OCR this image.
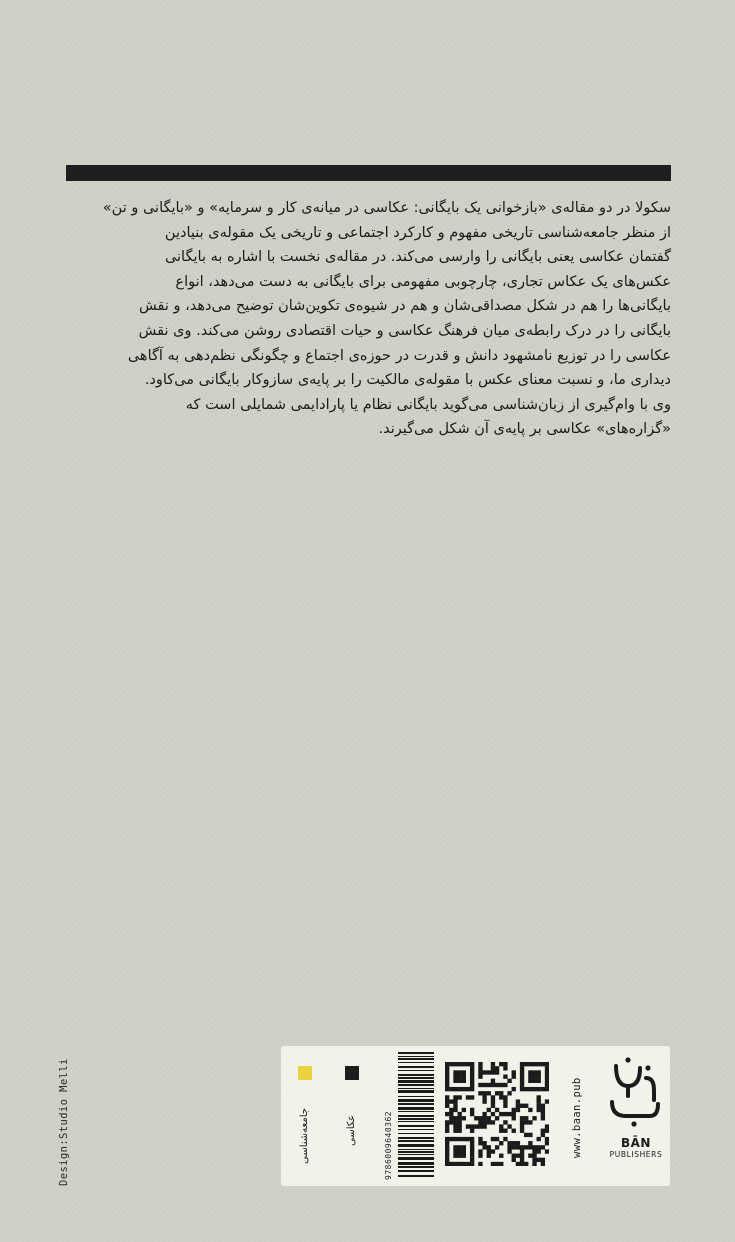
سکولا در دو مقاله‌ی «بازخوانی یک بایگانی: عکاسی در میانه‌ی کار و سرمایه» و «بایگانی و تن»
از منظر جامعه‌شناسی تاریخی مفهوم و کارکرد اجتماعی و تاریخی یک مقوله‌ی بنیادین
گفتمان عکاسی یعنی بایگانی را وارسی می‌کند. در مقاله‌ی نخست با اشاره به بایگانی
عکس‌های یک عکاس تجاری، چارچوبی مفهومی برای بایگانی به دست می‌دهد، انواع
بایگانی‌ها را هم در شکل مصداقی‌شان و هم در شیوه‌ی تکوین‌شان توضیح می‌دهد، و نقش
بایگانی را در درک رابطه‌ی میان فرهنگ عکاسی و حیات اقتصادی روشن می‌کند. وی نقش
عکاسی را در توزیع نامشهود دانش و قدرت در حوزه‌ی اجتماع و چگونگی نظم‌دهی به آگاهی
دیداری ما، و نسبت معنای عکس با مقوله‌ی مالکیت را بر پایه‌ی سازوکار بایگانی می‌کاود.
وی با وام‌گیری از زبان‌شناسی می‌گوید بایگانی نظام یا پارادایمی شمایلی است که
«گزاره‌های» عکاسی بر پایه‌ی آن شکل می‌گیرند.
Design:Studio Melli	جامعه‌شناسی	عکاسی	9786009640362	www.baan.pub	BĀN
PUBLISHERS
